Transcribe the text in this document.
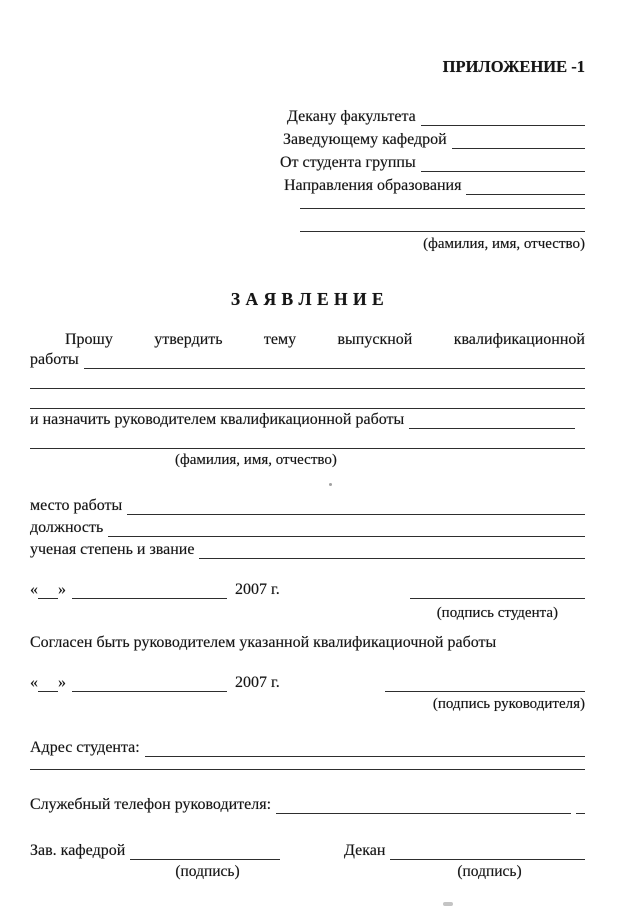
ПРИЛОЖЕНИЕ -1
Декану факультета
Заведующему кафедрой
От студента группы
Направления образования
(фамилия, имя, отчество)
З А Я В Л Е Н И Е
Прошу	утвердить	тему	выпускной	квалификационной
работы
и назначить руководителем квалификационной работы
(фамилия, имя, отчество)
место работы
должность
ученая степень и звание
« »	2007 г.
(подпись студента)
Согласен быть руководителем указанной квалификациочной работы
« »	2007 г.
(подпись руководителя)
Адрес студента:
Служебный телефон руководителя:
Зав. кафедрой
(подпись)
Декан
(подпись)
